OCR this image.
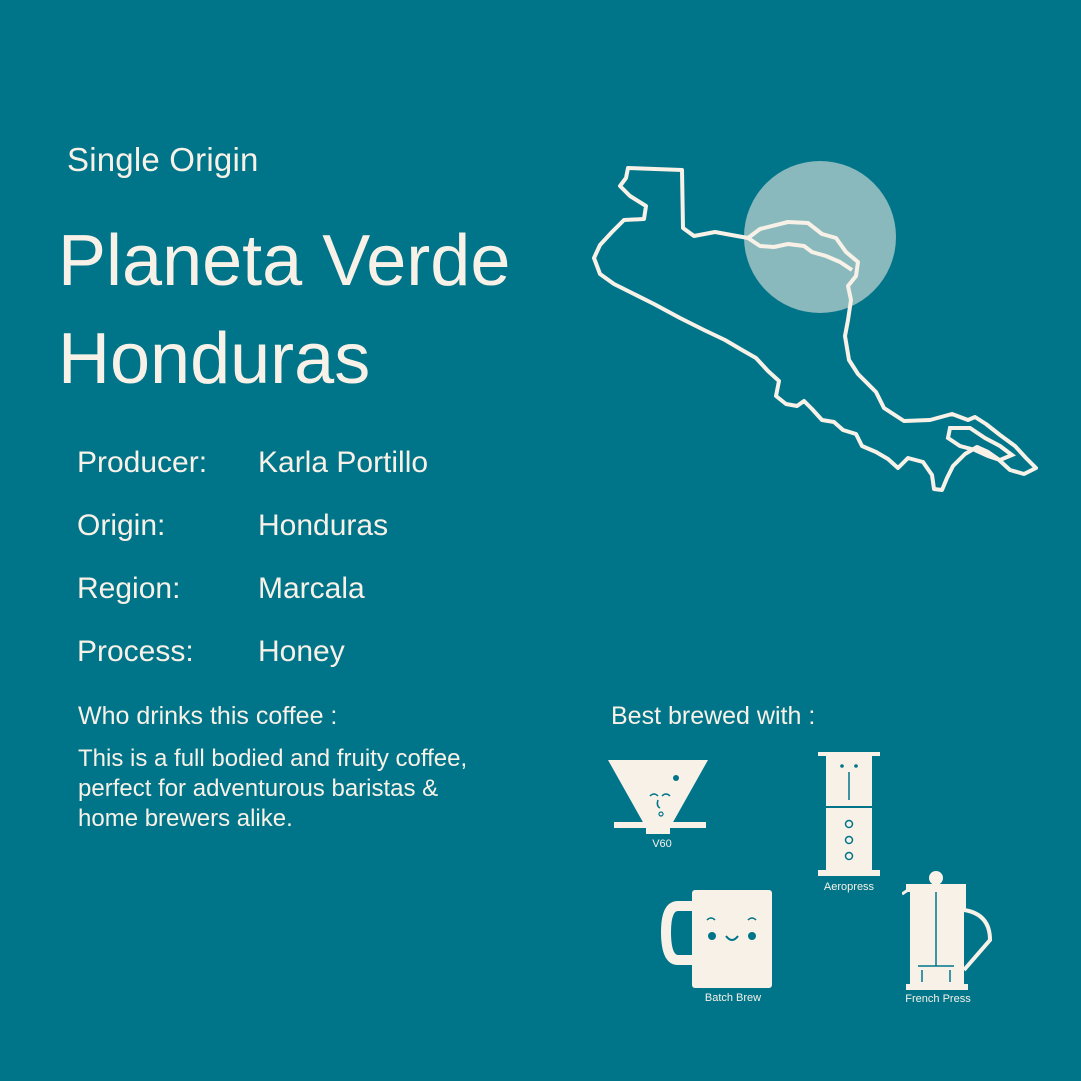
Single Origin
Planeta Verde
Honduras
Producer: Karla Portillo
Origin:	Honduras
Region:	Marcala
Process: Honey
Who drinks this coffee :

This is a full bodied and fruity coffee, perfect for adventurous baristas & home brewers alike.

Best brewed with :
V60
Aeropress
Batch Brew	French Press
